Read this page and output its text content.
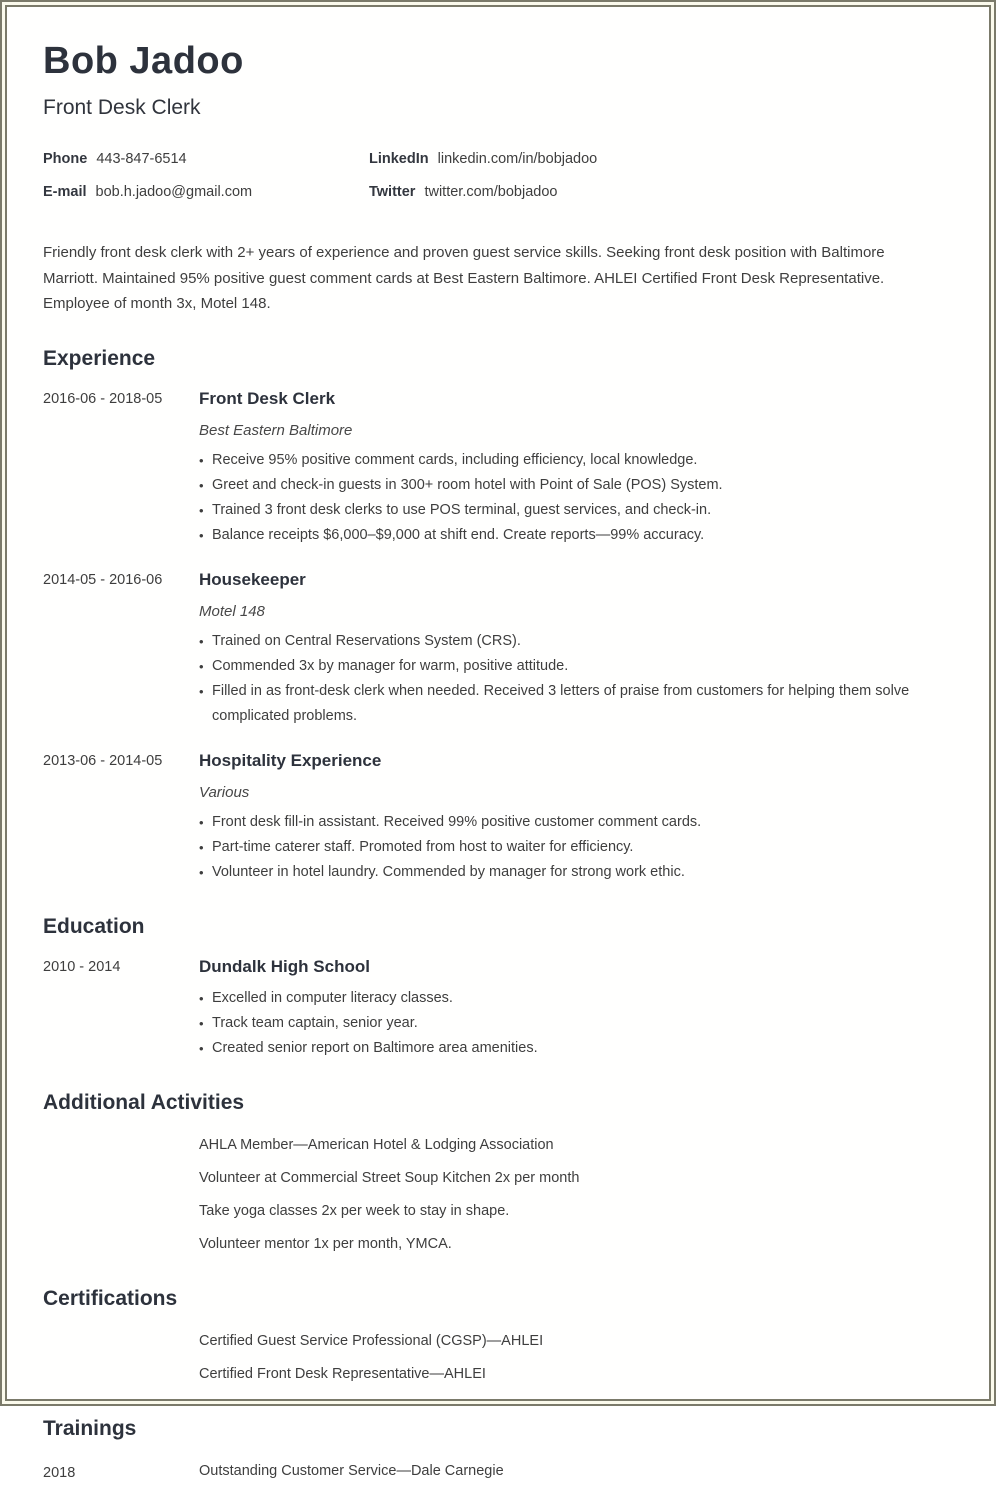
Bob Jadoo
Front Desk Clerk
Phone 443-847-6514	LinkedIn linkedin.com/in/bobjadoo
E-mail bob.h.jadoo@gmail.com	Twitter twitter.com/bobjadoo

Friendly front desk clerk with 2+ years of experience and proven guest service skills. Seeking front desk position with Baltimore Marriott. Maintained 95% positive guest comment cards at Best Eastern Baltimore. AHLEI Certified Front Desk Representative. Employee of month 3x, Motel 148.

Experience
2016-06 - 2018-05	Front Desk Clerk
Best Eastern Baltimore
• Receive 95% positive comment cards, including efficiency, local knowledge.
• Greet and check-in guests in 300+ room hotel with Point of Sale (POS) System.
• Trained 3 front desk clerks to use POS terminal, guest services, and check-in.
• Balance receipts $6,000–$9,000 at shift end. Create reports—99% accuracy.
2014-05 - 2016-06	Housekeeper
Motel 148
• Trained on Central Reservations System (CRS).
• Commended 3x by manager for warm, positive attitude.
• Filled in as front-desk clerk when needed. Received 3 letters of praise from customers for helping them solve complicated problems.
2013-06 - 2014-05	Hospitality Experience
Various
• Front desk fill-in assistant. Received 99% positive customer comment cards.
• Part-time caterer staff. Promoted from host to waiter for efficiency.
• Volunteer in hotel laundry. Commended by manager for strong work ethic.
Education
2010 - 2014	Dundalk High School
• Excelled in computer literacy classes.
• Track team captain, senior year.
• Created senior report on Baltimore area amenities.
Additional Activities
AHLA Member—American Hotel & Lodging Association
Volunteer at Commercial Street Soup Kitchen 2x per month
Take yoga classes 2x per week to stay in shape.
Volunteer mentor 1x per month, YMCA.
Certifications
Certified Guest Service Professional (CGSP)—AHLEI
Certified Front Desk Representative—AHLEI
Trainings
2018	Outstanding Customer Service—Dale Carnegie
